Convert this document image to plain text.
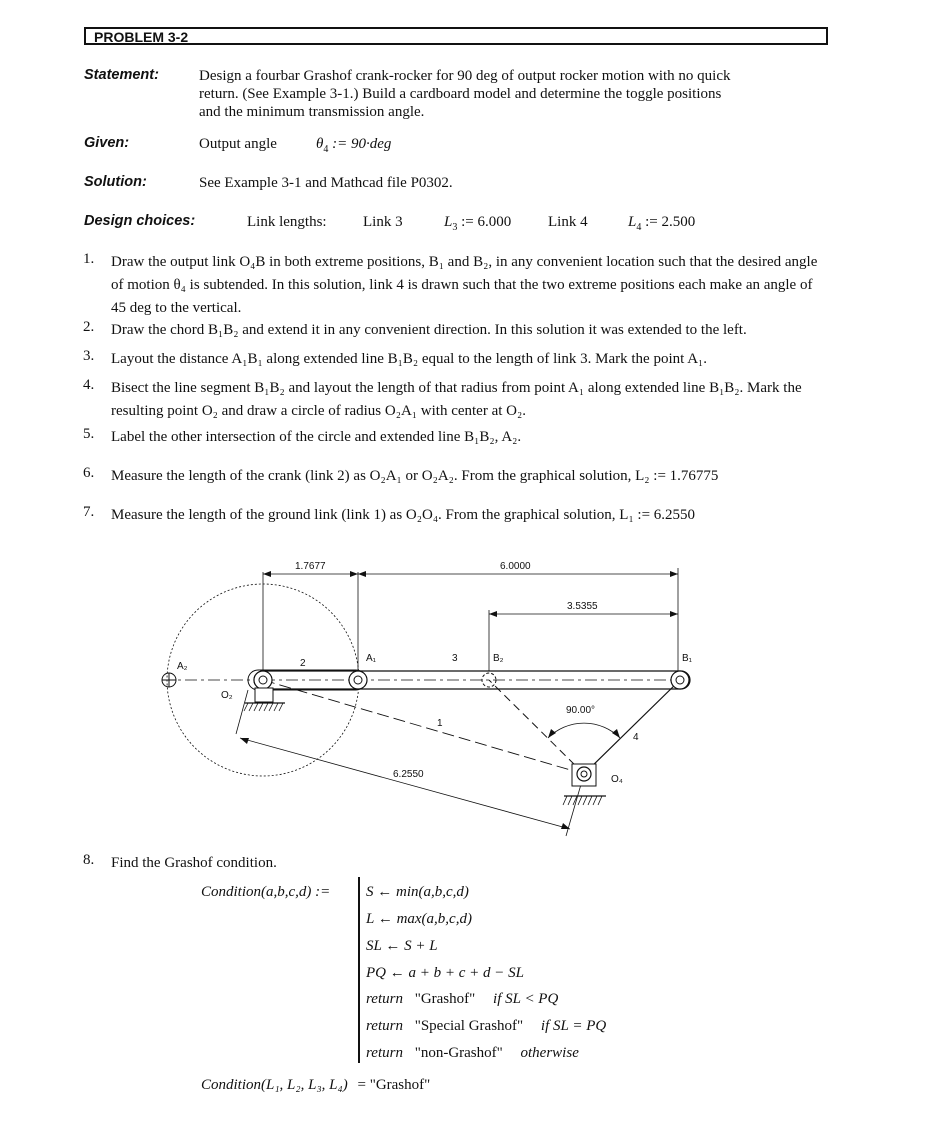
PROBLEM 3-2
Statement:	Design a fourbar Grashof crank-rocker for 90 deg of output rocker motion with no quick
return. (See Example 3-1.) Build a cardboard model and determine the toggle positions
and the minimum transmission angle.
Given:	Output angle	$\theta_4$ := 90·deg
Solution:	See Example 3-1 and Mathcad file P0302.
Design choices:	Link lengths: Link 3	$L_3$ := 6.000 Link 4	$L_4$ := 2.500
1. Draw the output link O₄B in both extreme positions, B₁ and B₂, in any convenient location such that the desired angle of motion θ₄ is subtended. In this solution, link 4 is drawn such that the two extreme positions each make an angle of 45 deg to the vertical.
2. Draw the chord B₁B₂ and extend it in any convenient direction. In this solution it was extended to the left.
3. Layout the distance A₁B₁ along extended line B₁B₂ equal to the length of link 3. Mark the point A₁.
4. Bisect the line segment B₁B₂ and layout the length of that radius from point A₁ along extended line B₁B₂. Mark the resulting point O₂ and draw a circle of radius O₂A₁ with center at O₂.
5. Label the other intersection of the circle and extended line B₁B₂, A₂.
6. Measure the length of the crank (link 2) as O₂A₁ or O₂A₂. From the graphical solution, L₂ := 1.76775
7. Measure the length of the ground link (link 1) as O₂O₄. From the graphical solution, L₁ := 6.2550
1.7677	6.0000
3.5355
6.2550
90.00°
A₂
O₂
A₁	B₂	B₁
O₄
1
2	3
4
8. Find the Grashof condition.
Condition(a,b,c,d) := S ← min(a,b,c,d)
L ← max(a,b,c,d)
SL ← S + L
PQ ← a + b + c + d − SL
return "Grashof" if SL < PQ
return "Special Grashof" if SL = PQ
return "non-Grashof" otherwise
Condition(L₁, L₂, L₃, L₄) = "Grashof"
